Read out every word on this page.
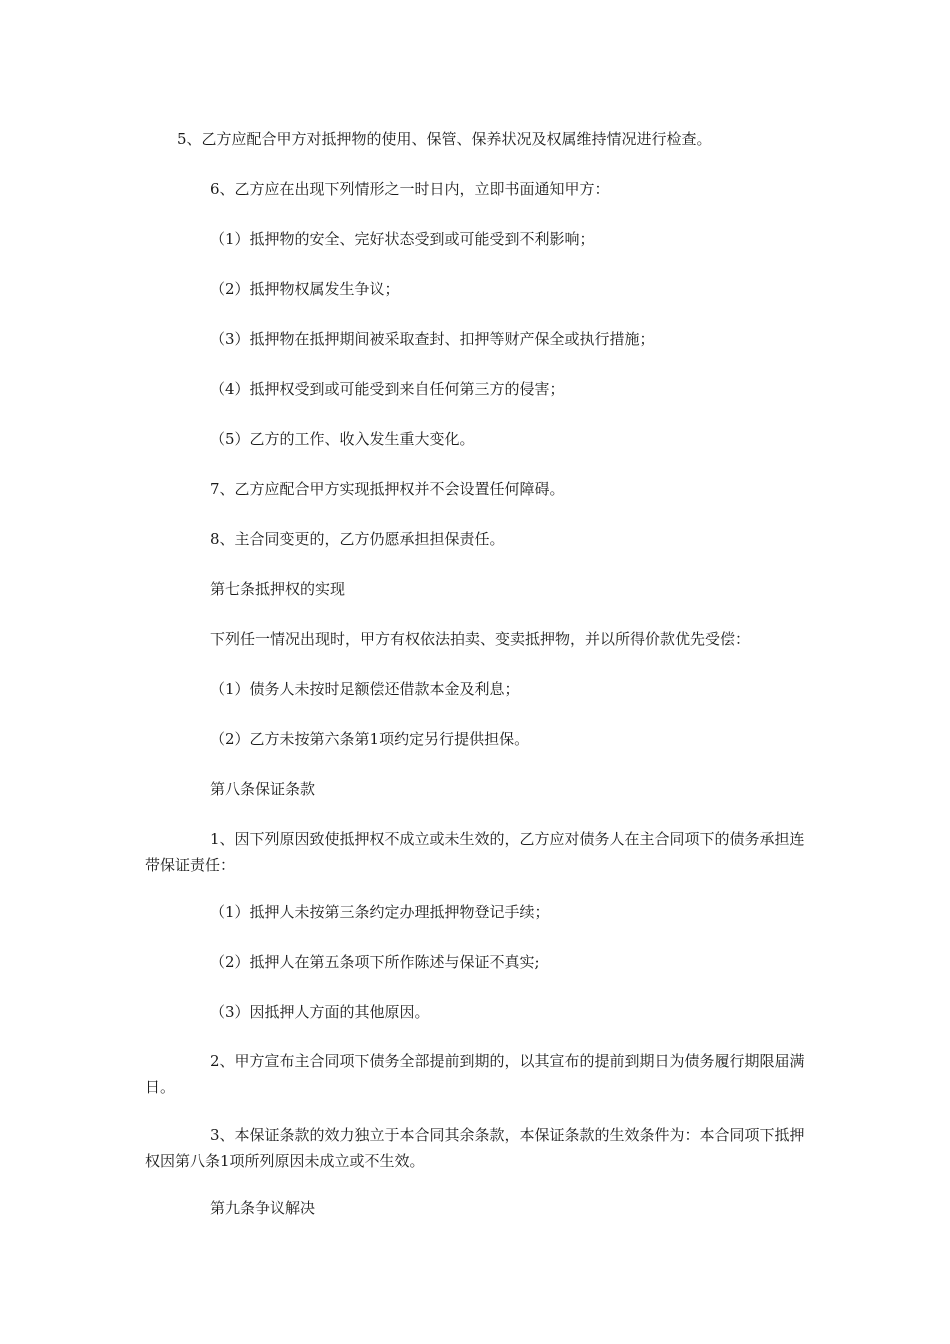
5、乙方应配合甲方对抵押物的使用、保管、保养状况及权属维持情况进行检查。

6、乙方应在出现下列情形之一时日内，立即书面通知甲方：

（1）抵押物的安全、完好状态受到或可能受到不利影响；

（2）抵押物权属发生争议；

（3）抵押物在抵押期间被采取查封、扣押等财产保全或执行措施；

（4）抵押权受到或可能受到来自任何第三方的侵害；

（5）乙方的工作、收入发生重大变化。

7、乙方应配合甲方实现抵押权并不会设置任何障碍。

8、主合同变更的，乙方仍愿承担担保责任。

第七条抵押权的实现

下列任一情况出现时，甲方有权依法拍卖、变卖抵押物，并以所得价款优先受偿：

（1）债务人未按时足额偿还借款本金及利息；

（2）乙方未按第六条第1项约定另行提供担保。

第八条保证条款

1、因下列原因致使抵押权不成立或未生效的，乙方应对债务人在主合同项下的债务承担连带保证责任：

（1）抵押人未按第三条约定办理抵押物登记手续；

（2）抵押人在第五条项下所作陈述与保证不真实;

（3）因抵押人方面的其他原因。

2、甲方宣布主合同项下债务全部提前到期的，以其宣布的提前到期日为债务履行期限届满日。

3、本保证条款的效力独立于本合同其余条款，本保证条款的生效条件为：本合同项下抵押权因第八条1项所列原因未成立或不生效。

第九条争议解决
